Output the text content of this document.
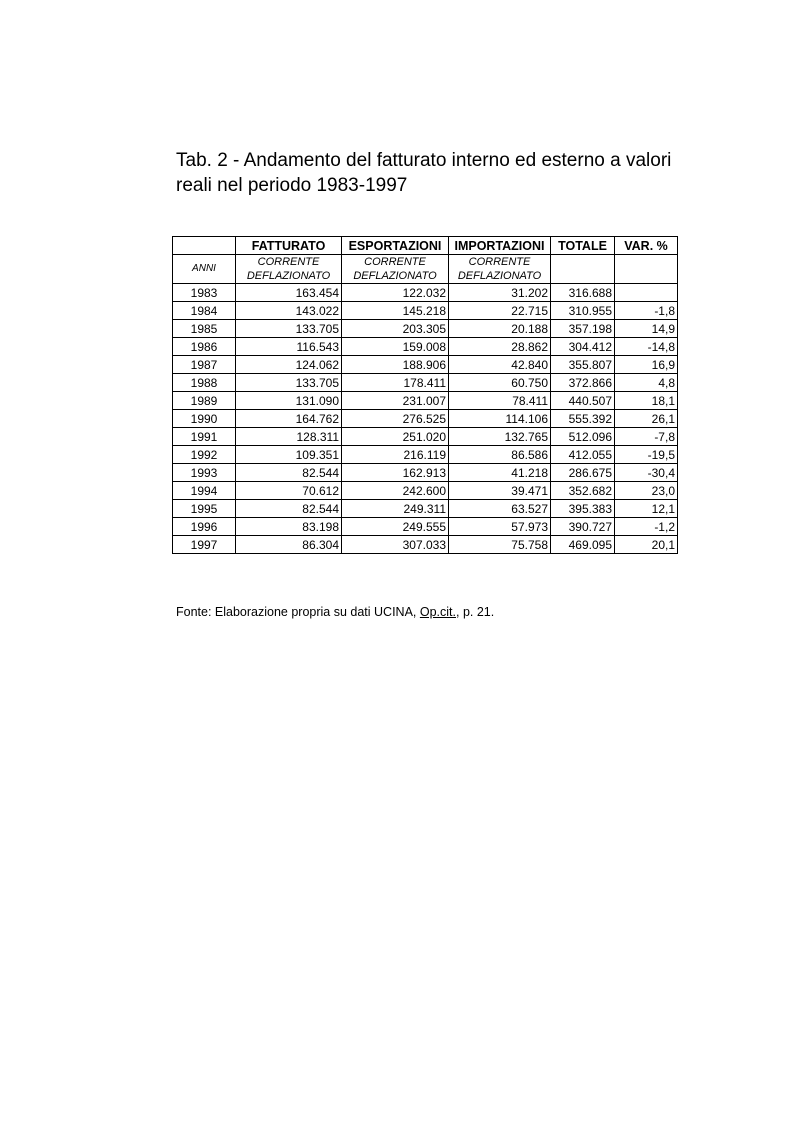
Tab. 2 - Andamento del fatturato interno ed esterno a valori reali nel periodo 1983-1997
	FATTURATO	ESPORTAZIONI	IMPORTAZIONI	TOTALE	VAR. %
ANNI	CORRENTE	CORRENTE	CORRENTE		
	DEFLAZIONATO	DEFLAZIONATO	DEFLAZIONATO		
1983	163.454	122.032	31.202	316.688	
1984	143.022	145.218	22.715	310.955	-1,8
1985	133.705	203.305	20.188	357.198	14,9
1986	116.543	159.008	28.862	304.412	-14,8
1987	124.062	188.906	42.840	355.807	16,9
1988	133.705	178.411	60.750	372.866	4,8
1989	131.090	231.007	78.411	440.507	18,1
1990	164.762	276.525	114.106	555.392	26,1
1991	128.311	251.020	132.765	512.096	-7,8
1992	109.351	216.119	86.586	412.055	-19,5
1993	82.544	162.913	41.218	286.675	-30,4
1994	70.612	242.600	39.471	352.682	23,0
1995	82.544	249.311	63.527	395.383	12,1
1996	83.198	249.555	57.973	390.727	-1,2
1997	86.304	307.033	75.758	469.095	20,1

Fonte: Elaborazione propria su dati UCINA, Op.cit., p. 21.
